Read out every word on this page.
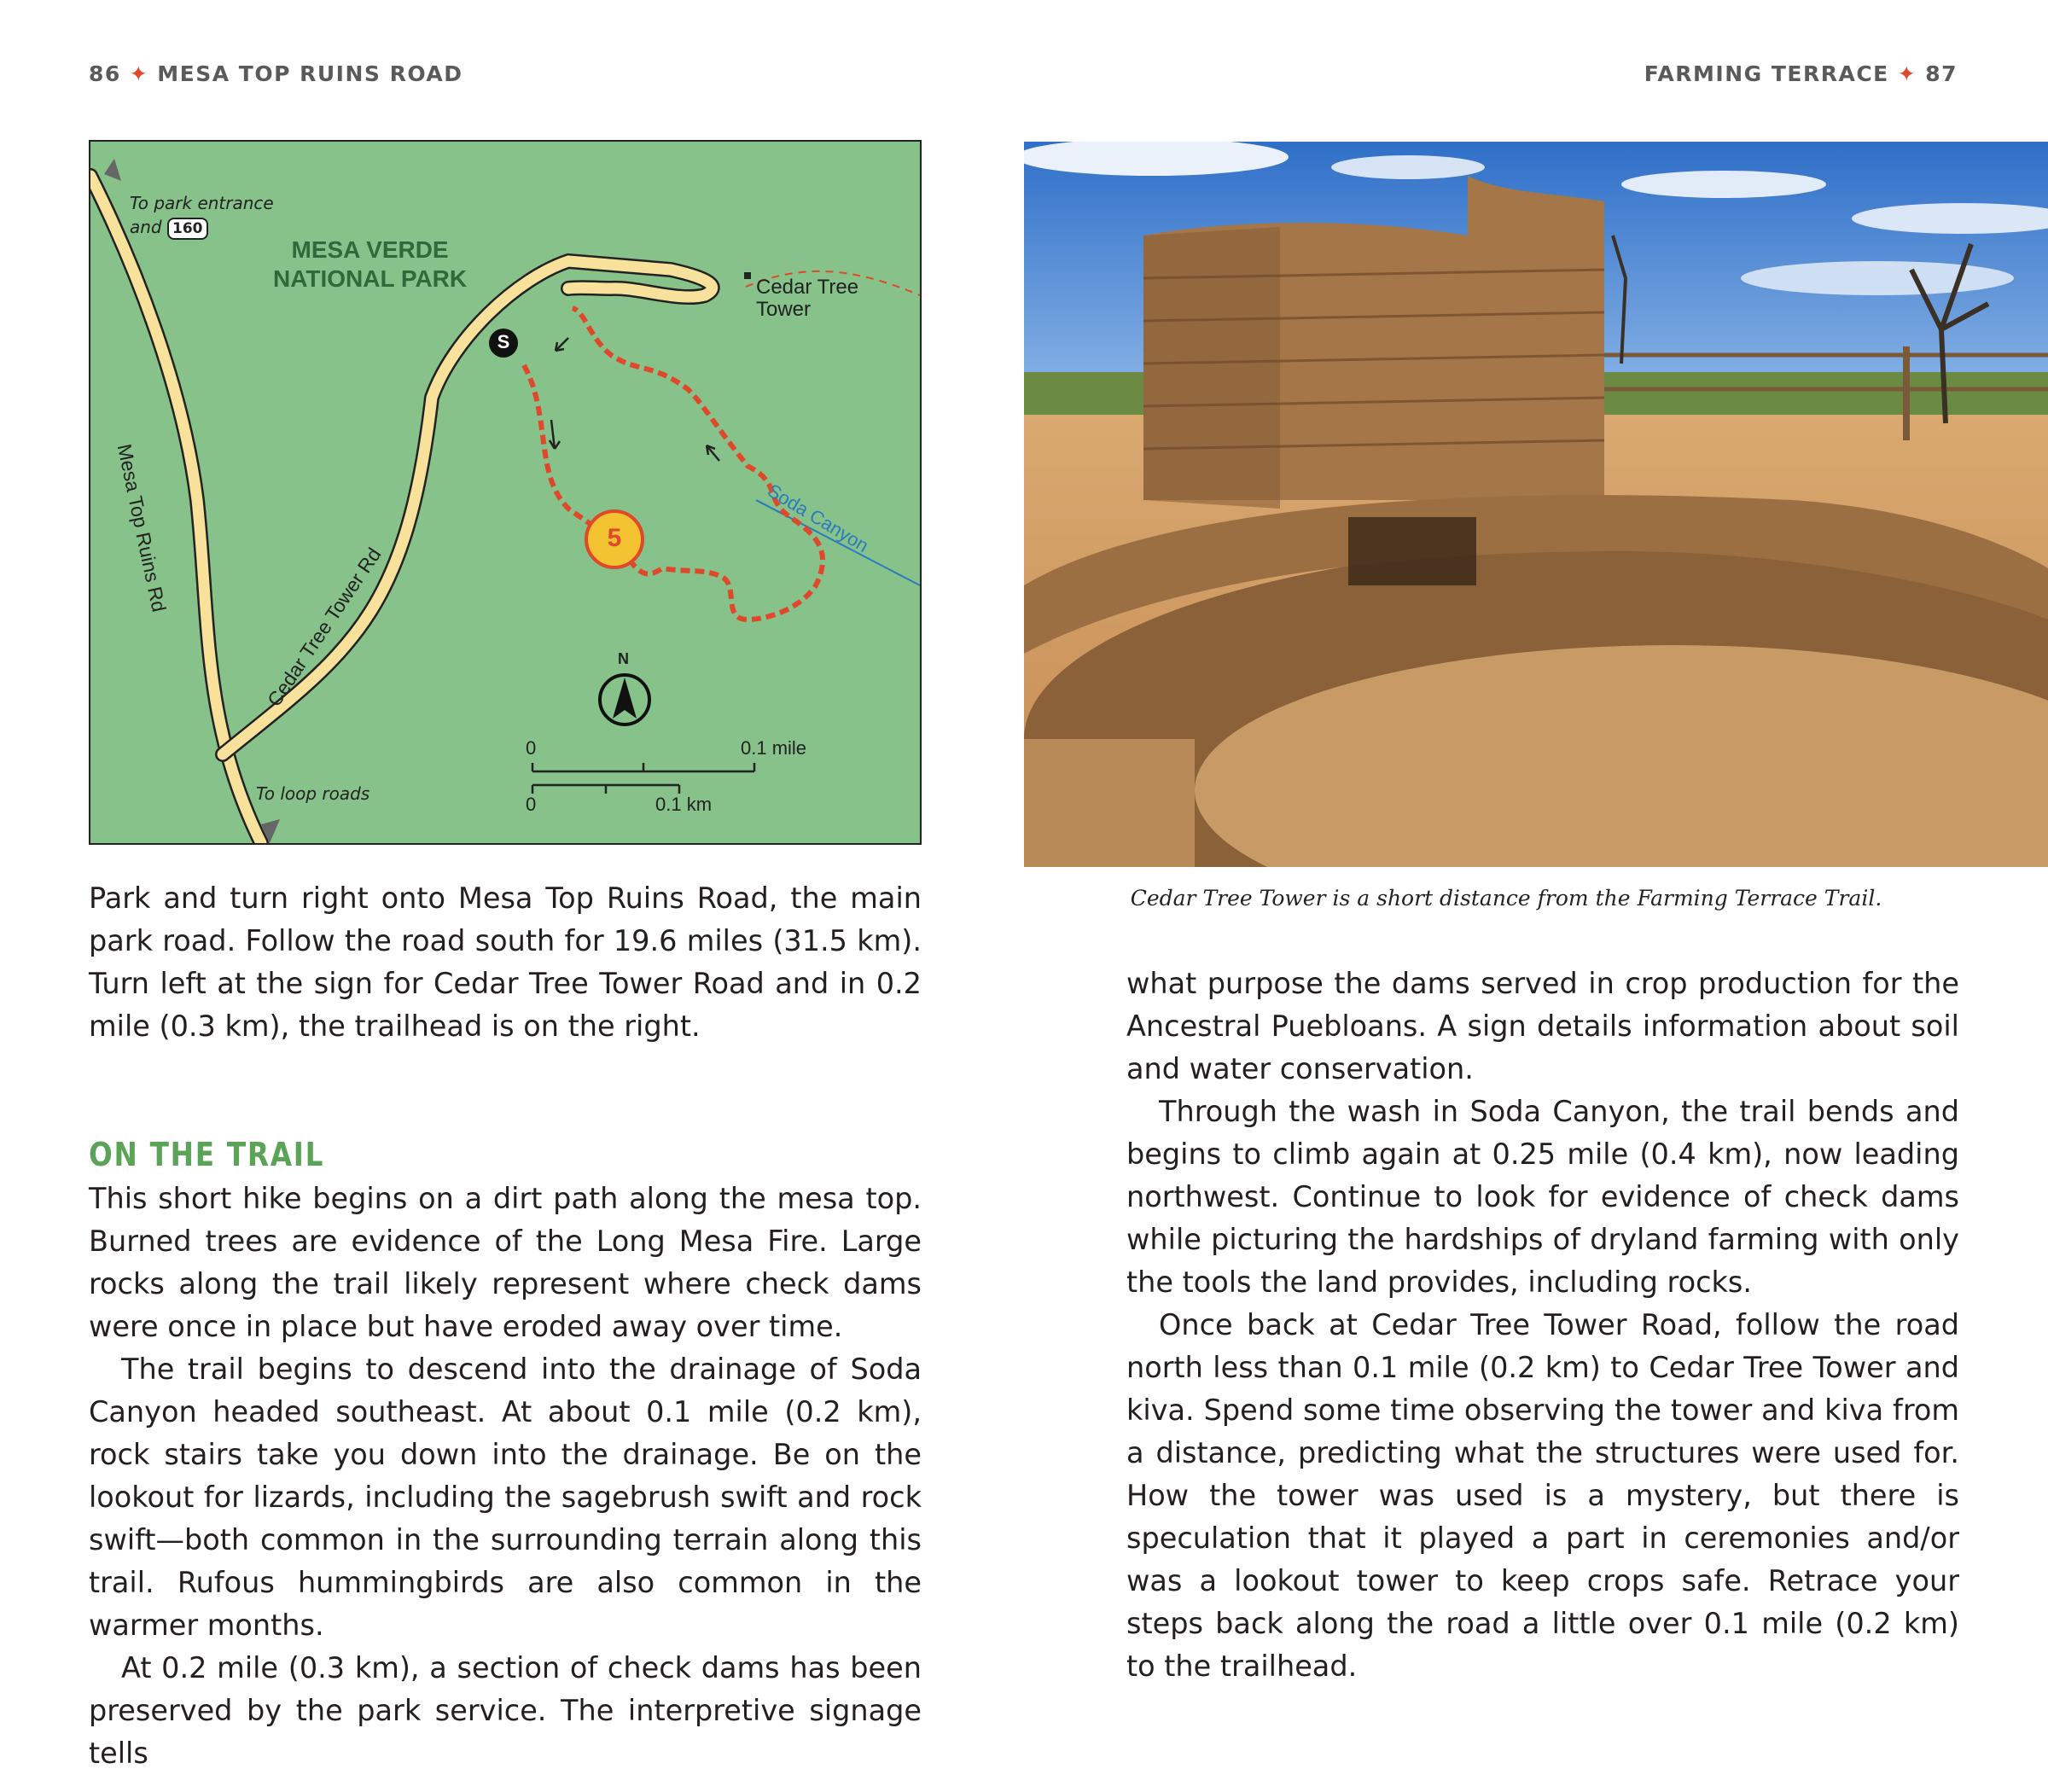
86 ✦ MESA TOP RUINS ROAD	FARMING TERRACE ✦ 87
To park entrance
and 160
MESA VERDE
NATIONAL PARK	Cedar Tree
Tower
Mesa Top Ruins Rd
Cedar Tree Tower Rd
Soda Canyon
To loop roads
S
5
N
0	0.1 mile
0	0.1 km
Cedar Tree Tower is a short distance from the Farming Terrace Trail.

Park and turn right onto Mesa Top Ruins Road, the main park road. Follow the road south for 19.6 miles (31.5 km). Turn left at the sign for Cedar Tree Tower Road and in 0.2 mile (0.3 km), the trailhead is on the right.

ON THE TRAIL

This short hike begins on a dirt path along the mesa top. Burned trees are evidence of the Long Mesa Fire. Large rocks along the trail likely represent where check dams were once in place but have eroded away over time.

The trail begins to descend into the drainage of Soda Canyon headed southeast. At about 0.1 mile (0.2 km), rock stairs take you down into the drainage. Be on the lookout for lizards, including the sagebrush swift and rock swift—both common in the surrounding terrain along this trail. Rufous hummingbirds are also common in the warmer months.

At 0.2 mile (0.3 km), a section of check dams has been preserved by the park service. The interpretive signage tells

what purpose the dams served in crop production for the Ancestral Puebloans. A sign details information about soil and water conservation.

Through the wash in Soda Canyon, the trail bends and begins to climb again at 0.25 mile (0.4 km), now leading northwest. Continue to look for evidence of check dams while picturing the hardships of dryland farming with only the tools the land provides, including rocks.

Once back at Cedar Tree Tower Road, follow the road north less than 0.1 mile (0.2 km) to Cedar Tree Tower and kiva. Spend some time observing the tower and kiva from a distance, predicting what the structures were used for. How the tower was used is a mystery, but there is speculation that it played a part in ceremonies and/or was a lookout tower to keep crops safe. Retrace your steps back along the road a little over 0.1 mile (0.2 km) to the trailhead.
